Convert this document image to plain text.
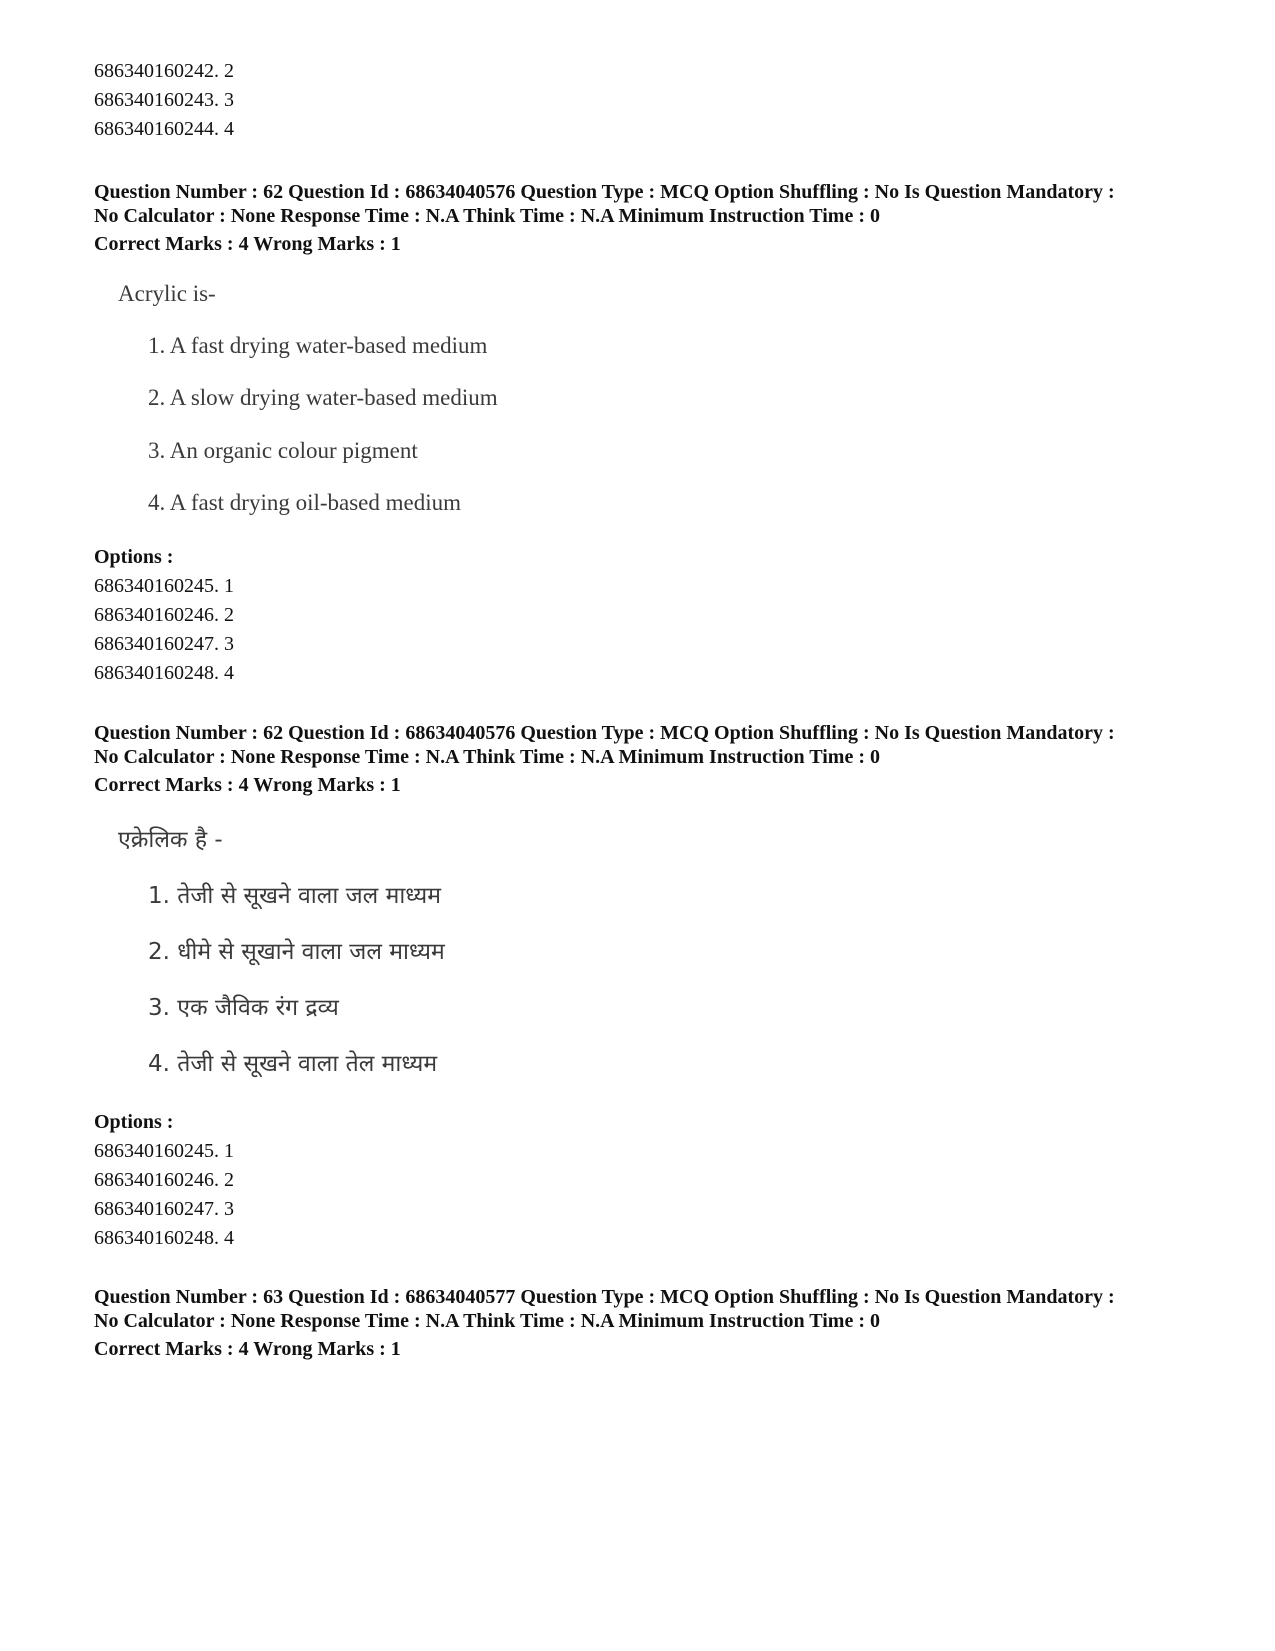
686340160242. 2
686340160243. 3
686340160244. 4
Question Number : 62 Question Id : 68634040576 Question Type : MCQ Option Shuffling : No Is Question Mandatory :
No Calculator : None Response Time : N.A Think Time : N.A Minimum Instruction Time : 0
Correct Marks : 4 Wrong Marks : 1
Acrylic is-
1. A fast drying water-based medium
2. A slow drying water-based medium
3. An organic colour pigment
4. A fast drying oil-based medium
Options :
686340160245. 1
686340160246. 2
686340160247. 3
686340160248. 4
Question Number : 62 Question Id : 68634040576 Question Type : MCQ Option Shuffling : No Is Question Mandatory :
No Calculator : None Response Time : N.A Think Time : N.A Minimum Instruction Time : 0
Correct Marks : 4 Wrong Marks : 1
एक्रेलिक है -
1. तेजी से सूखने वाला जल माध्यम
2. धीमे से सूखाने वाला जल माध्यम
3. एक जैविक रंग द्रव्य
4. तेजी से सूखने वाला तेल माध्यम
Options :
686340160245. 1
686340160246. 2
686340160247. 3
686340160248. 4
Question Number : 63 Question Id : 68634040577 Question Type : MCQ Option Shuffling : No Is Question Mandatory :
No Calculator : None Response Time : N.A Think Time : N.A Minimum Instruction Time : 0
Correct Marks : 4 Wrong Marks : 1
